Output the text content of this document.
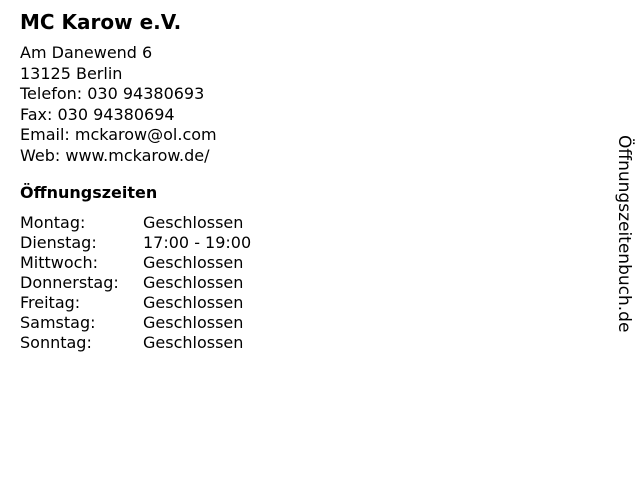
MC Karow e.V.
Am Danewend 6
13125 Berlin
Telefon: 030 94380693
Fax: 030 94380694
Email: mckarow@ol.com
Web: www.mckarow.de/
Öffnungszeiten
Montag:	Geschlossen
Dienstag:	17:00 - 19:00
Mittwoch:	Geschlossen
Donnerstag: Geschlossen
Freitag:	Geschlossen
Samstag:	Geschlossen
Sonntag:	Geschlossen
Öffnungszeitenbuch.de
